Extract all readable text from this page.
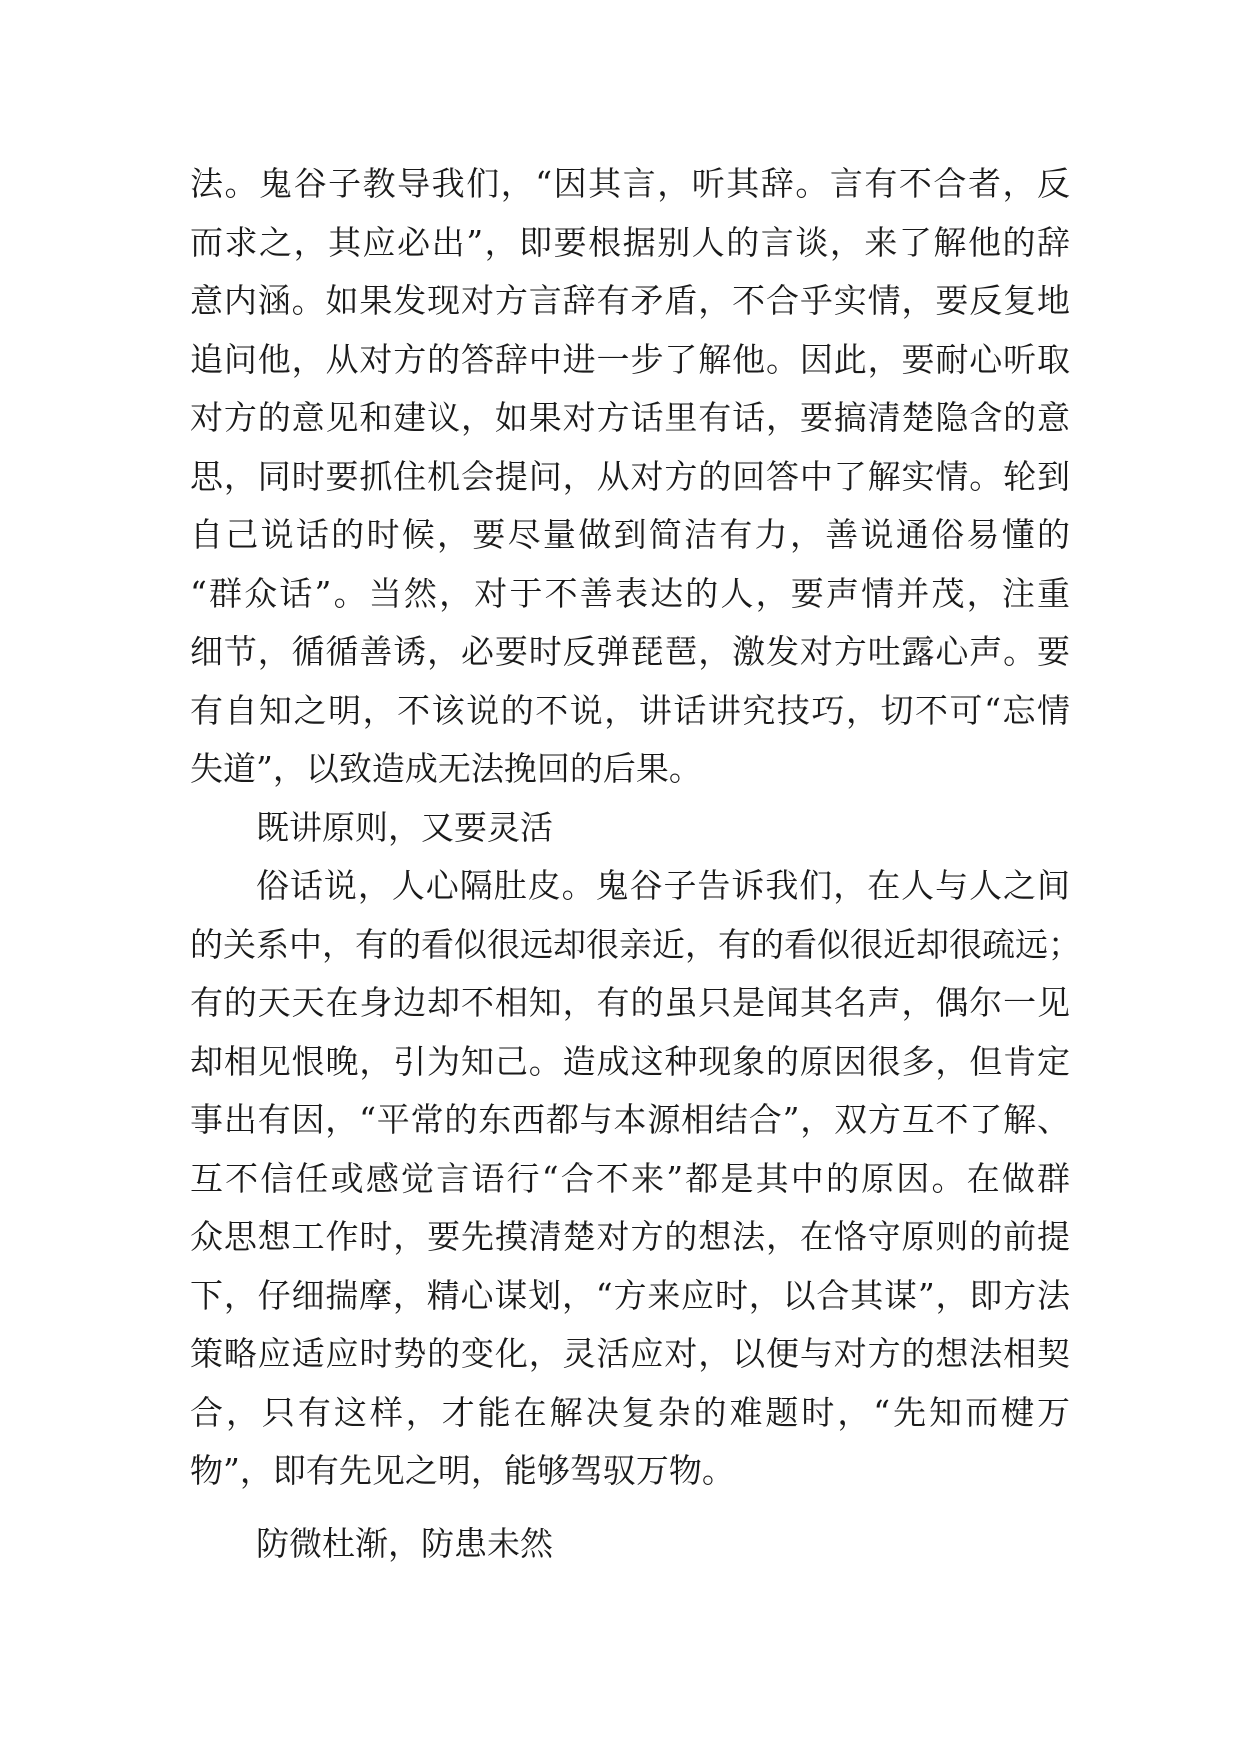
法。鬼谷子教导我们，“因其言，听其辞。言有不合者，反
而求之，其应必出”，即要根据别人的言谈，来了解他的辞
意内涵。如果发现对方言辞有矛盾，不合乎实情，要反复地
追问他，从对方的答辞中进一步了解他。因此，要耐心听取
对方的意见和建议，如果对方话里有话，要搞清楚隐含的意
思，同时要抓住机会提问，从对方的回答中了解实情。轮到
自己说话的时候，要尽量做到简洁有力，善说通俗易懂的
“群众话”。当然，对于不善表达的人，要声情并茂，注重
细节，循循善诱，必要时反弹琵琶，激发对方吐露心声。要
有自知之明，不该说的不说，讲话讲究技巧，切不可“忘情
失道”，以致造成无法挽回的后果。
既讲原则，又要灵活
俗话说，人心隔肚皮。鬼谷子告诉我们，在人与人之间
的关系中，有的看似很远却很亲近，有的看似很近却很疏远；
有的天天在身边却不相知，有的虽只是闻其名声，偶尔一见
却相见恨晚，引为知己。造成这种现象的原因很多，但肯定
事出有因，“平常的东西都与本源相结合”，双方互不了解、
互不信任或感觉言语行“合不来”都是其中的原因。在做群
众思想工作时，要先摸清楚对方的想法，在恪守原则的前提
下，仔细揣摩，精心谋划，“方来应时，以合其谋”，即方法
策略应适应时势的变化，灵活应对，以便与对方的想法相契
合，只有这样，才能在解决复杂的难题时，“先知而楗万
物”，即有先见之明，能够驾驭万物。
防微杜渐，防患未然
